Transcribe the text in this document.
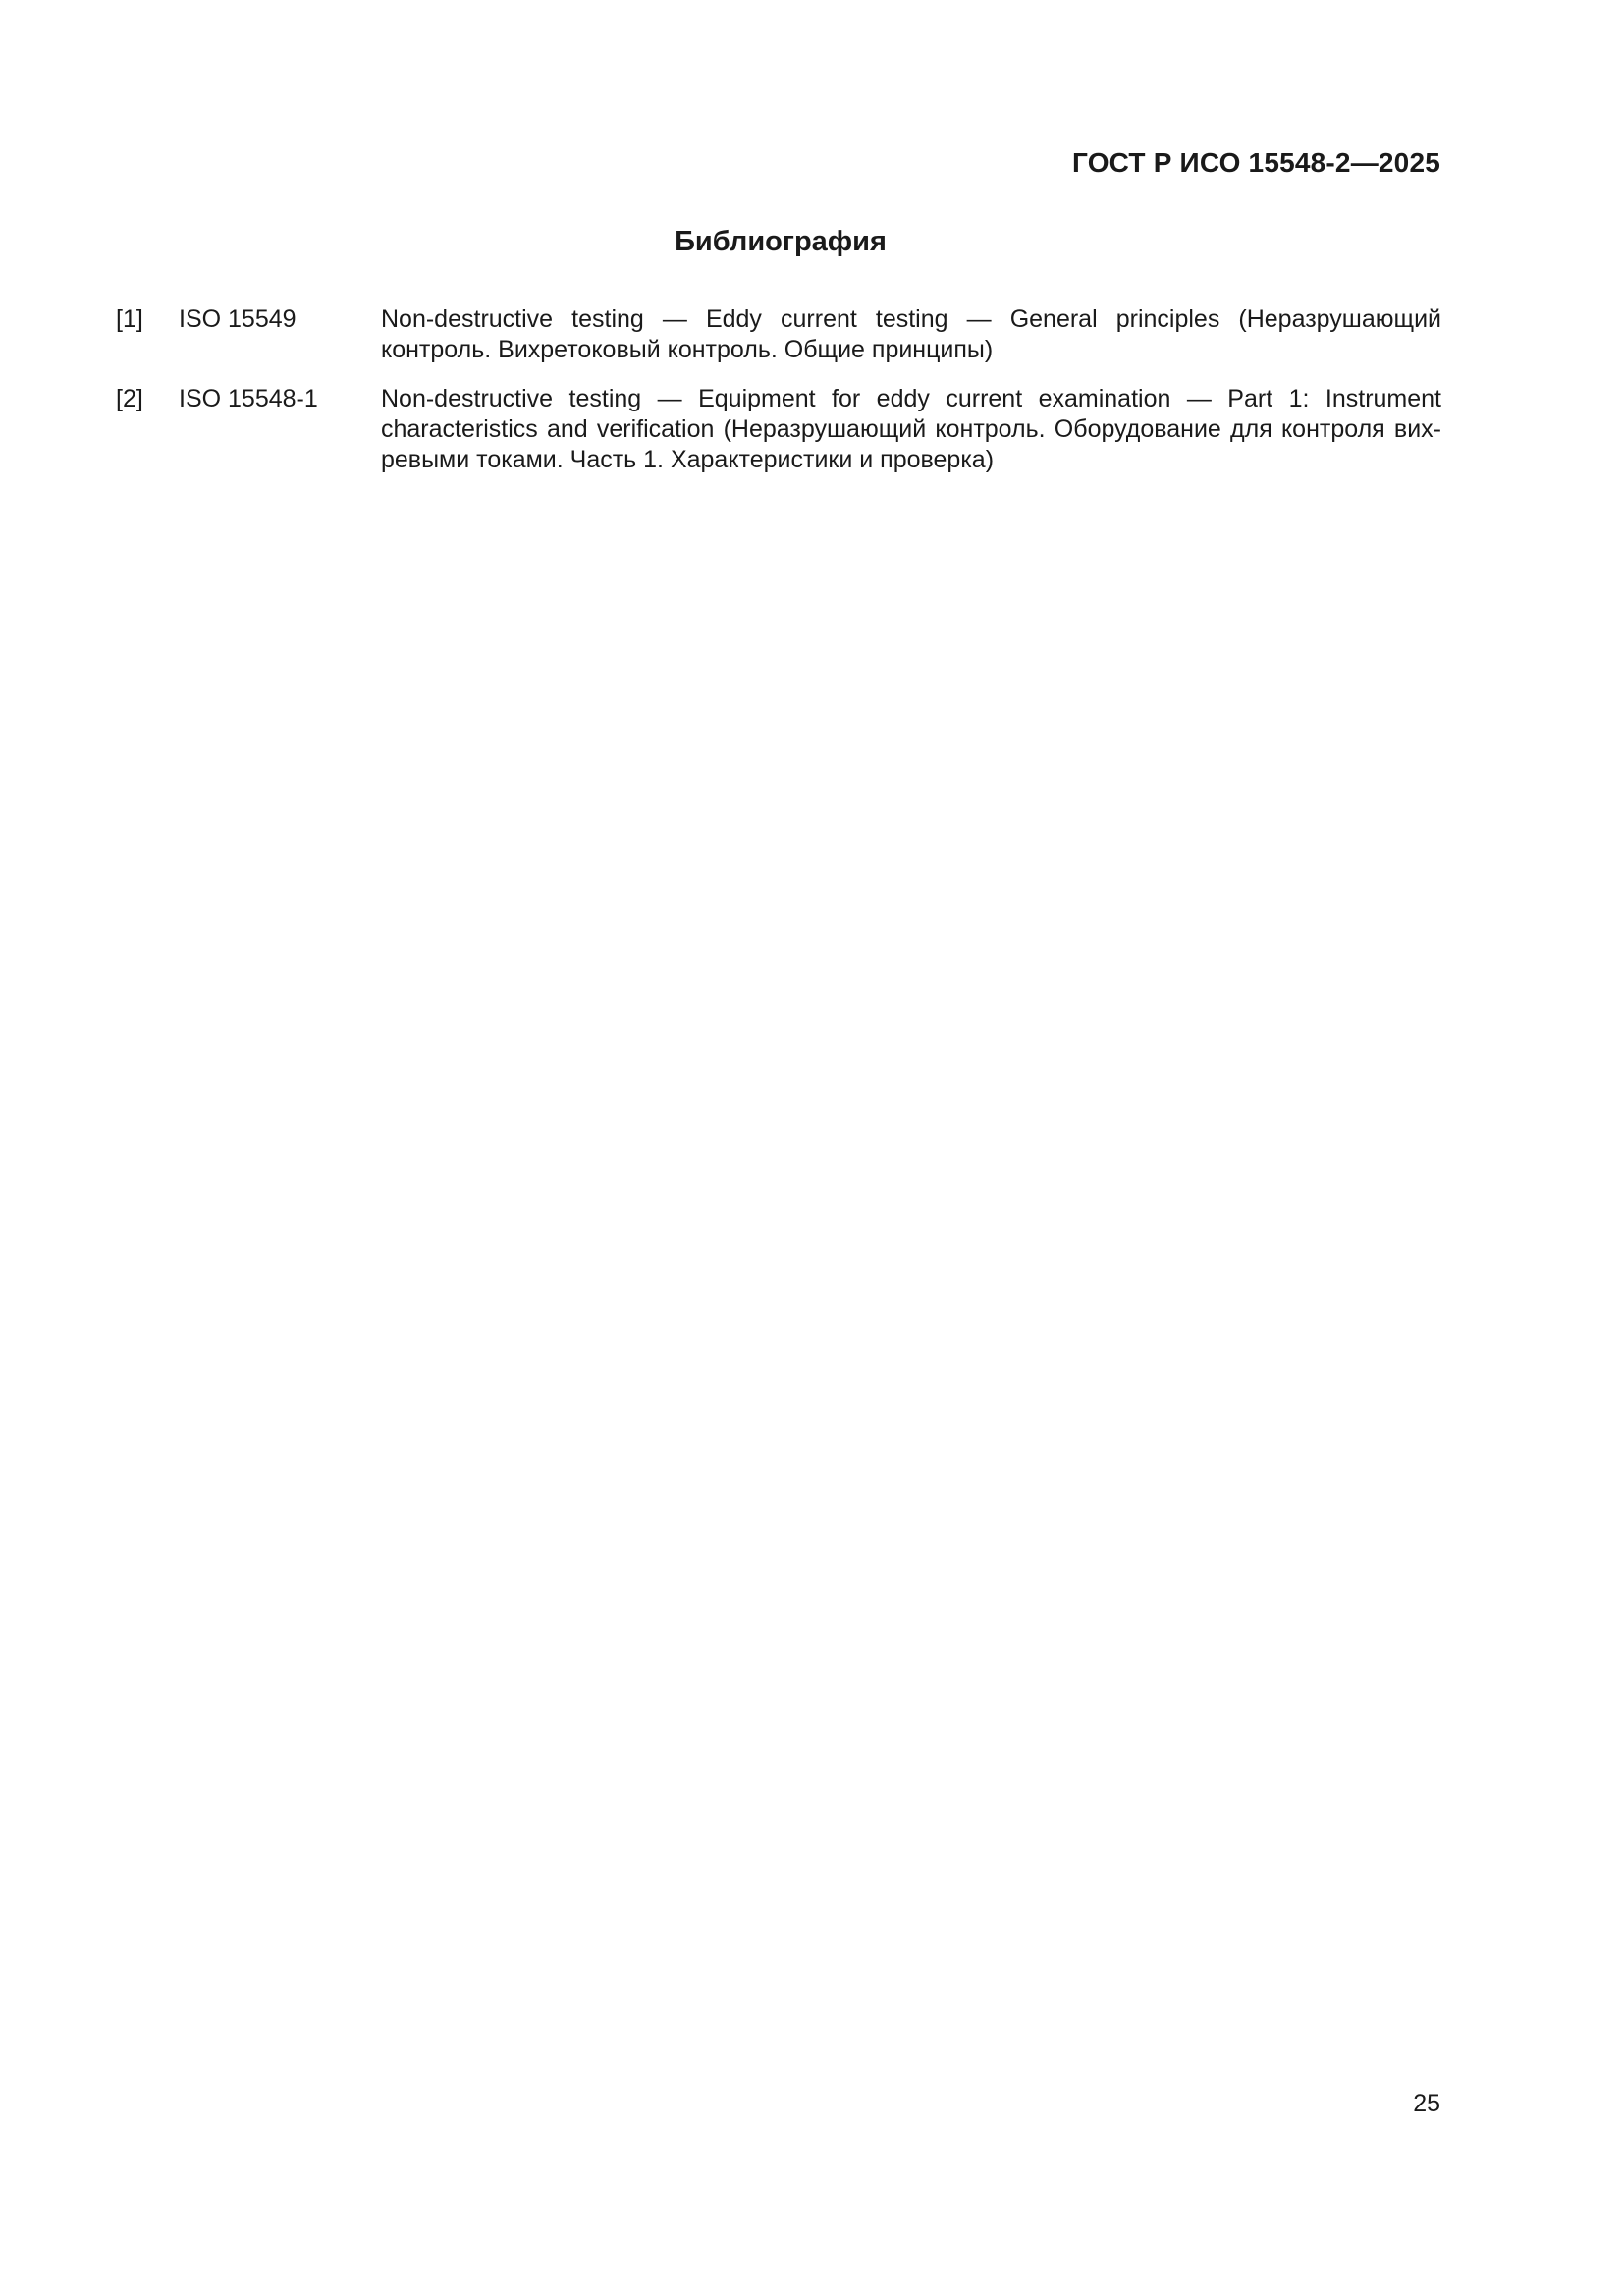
ГОСТ Р ИСО 15548-2—2025
Библиография
[1] ISO 15549	Non-destructive testing — Eddy current testing — General principles (Неразрушающий контроль. Вихретоковый контроль. Общие принципы)
[2] ISO 15548-1	Non-destructive testing — Equipment for eddy current examination — Part 1: Instrument characteristics and verification (Неразрушающий контроль. Оборудование для контроля вихревыми токами. Часть 1. Характеристики и проверка)
25
